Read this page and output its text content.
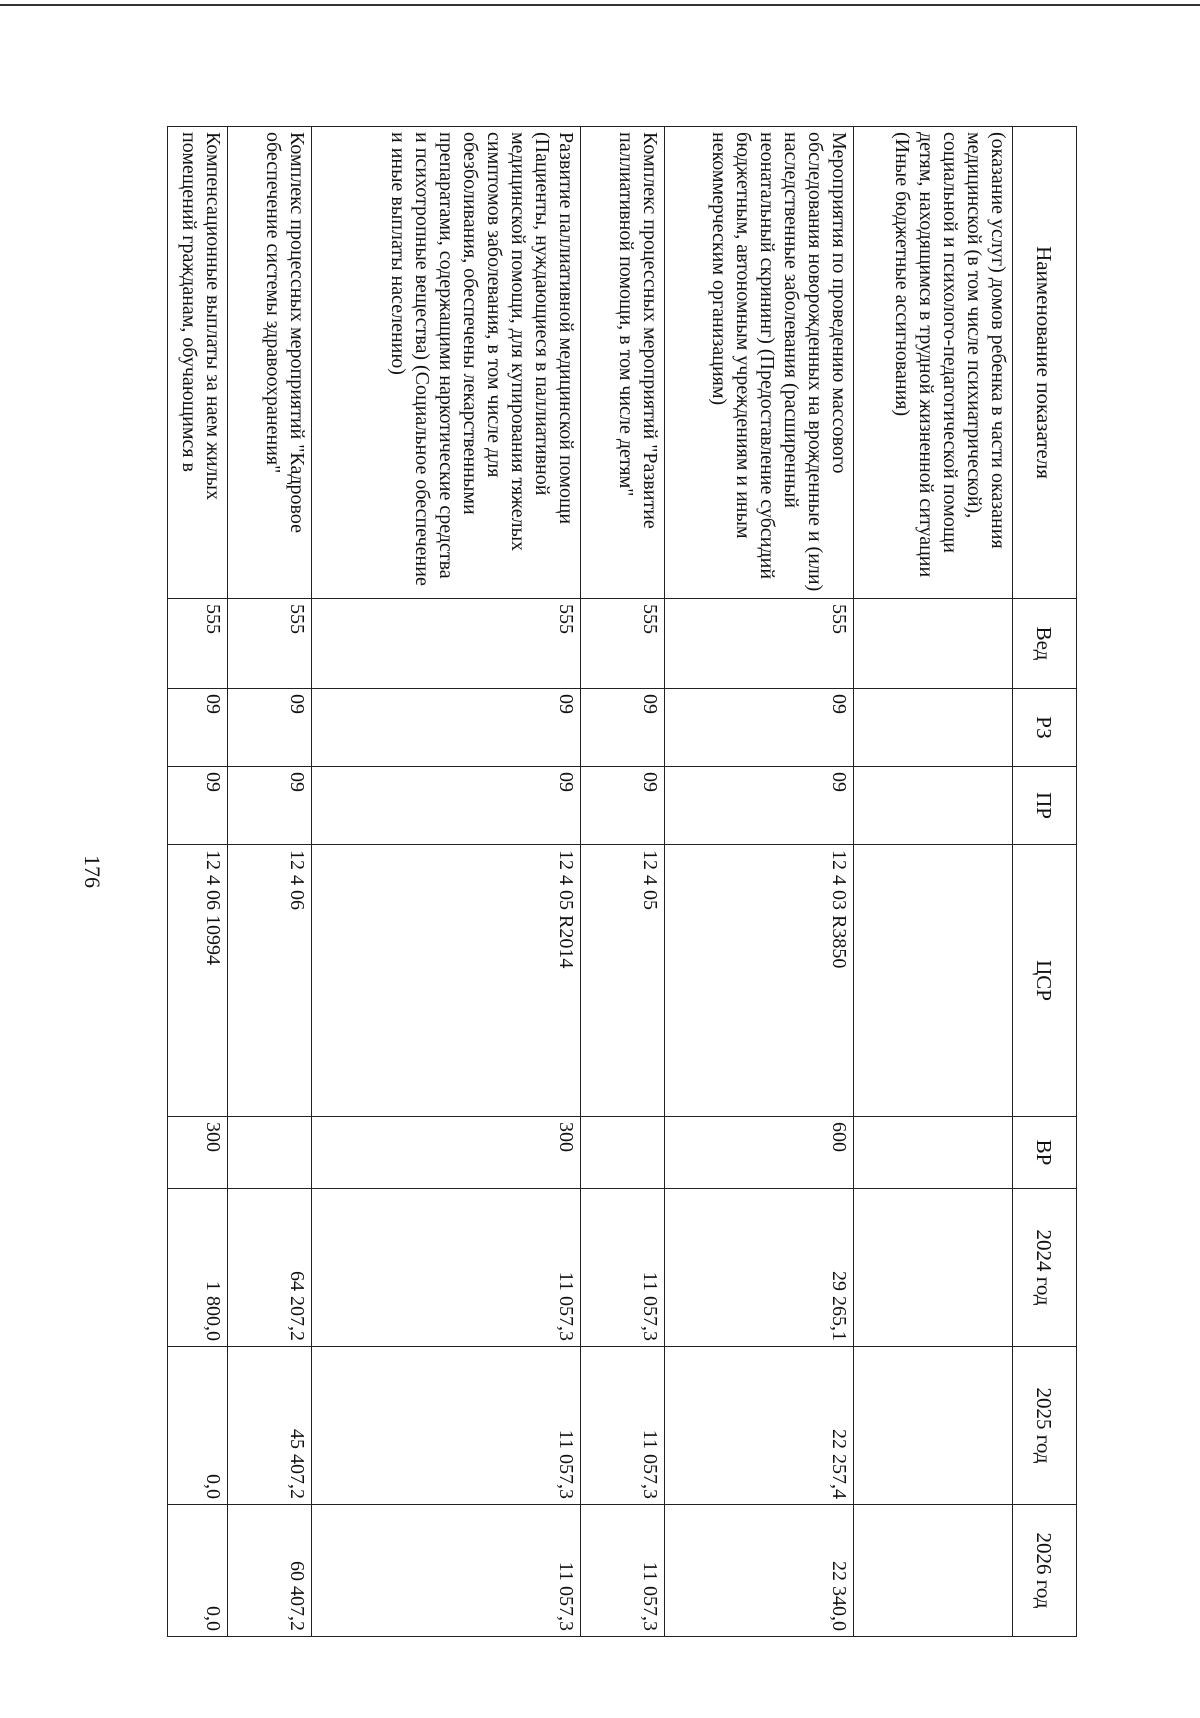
176
Наименование показателя	Вед	РЗ	ПР	ЦСР	ВР	2024 год	2025 год	2026 год
(оказание услуг) домов ребенка в части оказания медицинской (в том числе психиатрической), социальной и психолого-педагогической помощи детям, находящимся в трудной жизненной ситуации (Иные бюджетные ассигнования)								
Мероприятия по проведению массового обследования новорожденных на врожденные и (или) наследственные заболевания (расширенный неонатальный скрининг) (Предоставление субсидий бюджетным, автономным учреждениям и иным некоммерческим организациям)	555	09	09	12 4 03 R3850	600	29 265,1	22 257,4	22 340,0
Комплекс процессных мероприятий "Развитие паллиативной помощи, в том числе детям"	555	09	09	12 4 05		11 057,3	11 057,3	11 057,3
Развитие паллиативной медицинской помощи (Пациенты, нуждающиеся в паллиативной медицинской помощи, для купирования тяжелых симптомов заболевания, в том числе для обезболивания, обеспечены лекарственными препаратами, содержащими наркотические средства и психотропные вещества) (Социальное обеспечение и иные выплаты населению)	555	09	09	12 4 05 R2014	300	11 057,3	11 057,3	11 057,3
Комплекс процессных мероприятий "Кадровое обеспечение системы здравоохранения"	555	09	09	12 4 06		64 207,2	45 407,2	60 407,2
Компенсационные выплаты за наем жилых помещений гражданам, обучающимся в	555	09	09	12 4 06 10994	300	1 800,0	0,0	0,0
